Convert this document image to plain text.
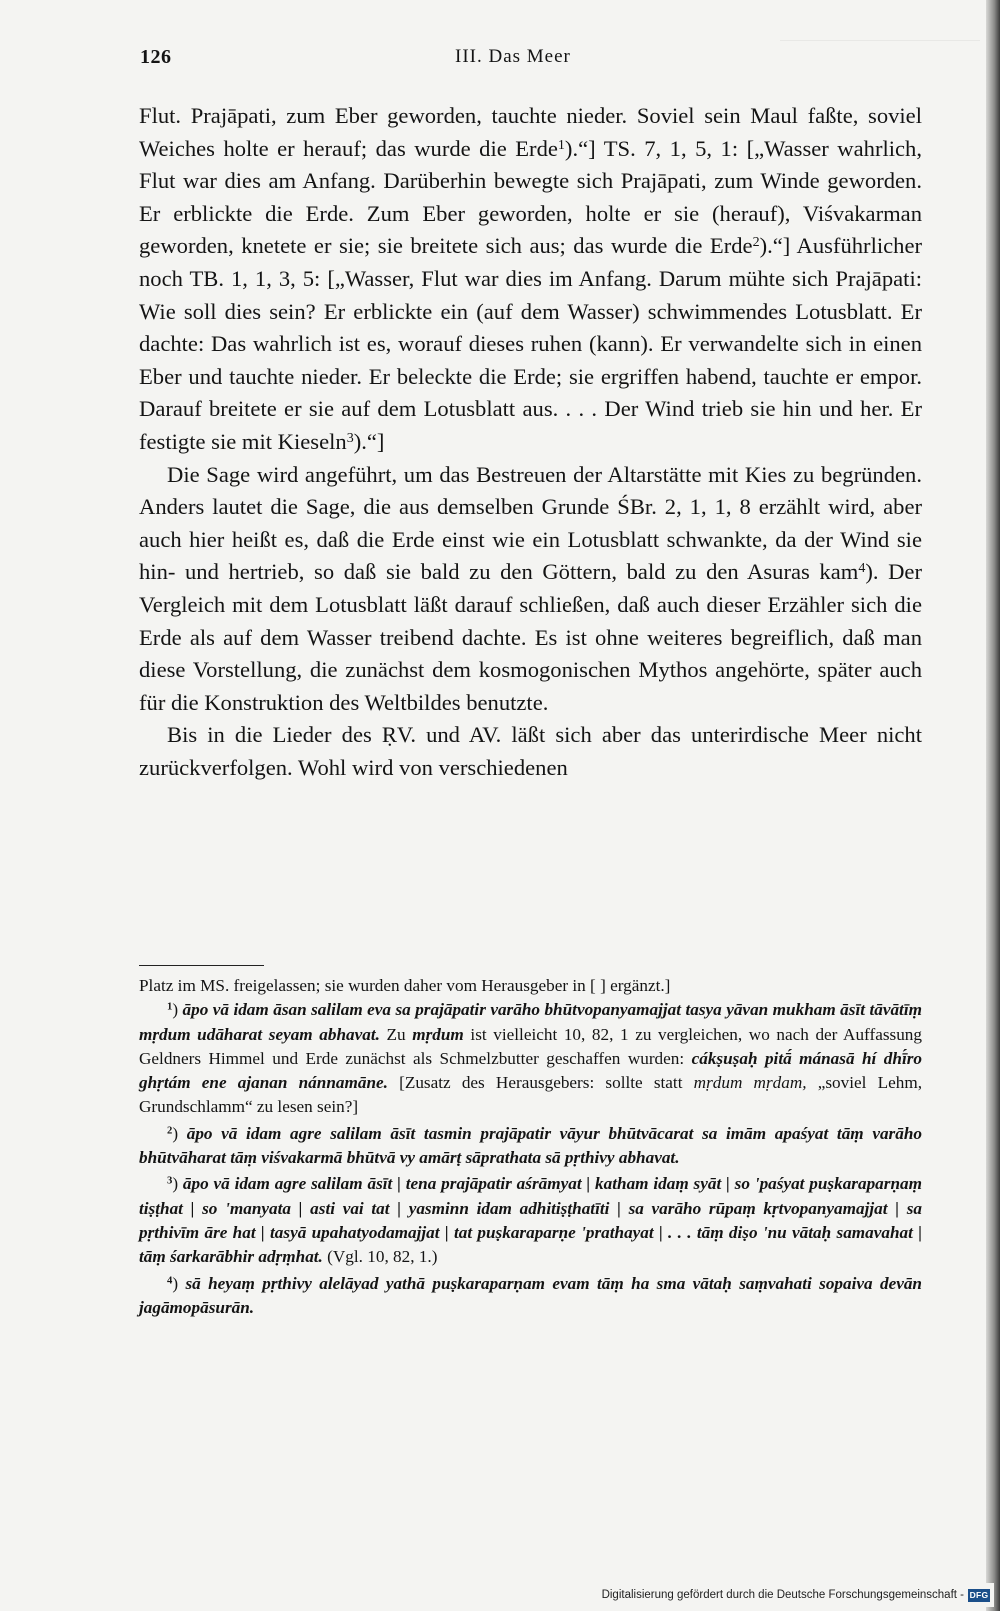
126	III. Das Meer

Flut. Prajāpati, zum Eber geworden, tauchte nieder. Soviel sein Maul faßte, soviel Weiches holte er herauf; das wurde die Erde$^1$).“] TS. 7, 1, 5, 1: [„Wasser wahrlich, Flut war dies am Anfang. Darüberhin bewegte sich Prajāpati, zum Winde geworden. Er erblickte die Erde. Zum Eber geworden, holte er sie (herauf), Viśvakarman geworden, knetete er sie; sie breitete sich aus; das wurde die Erde$^2$).“] Ausführlicher noch TB. 1, 1, 3, 5: [„Wasser, Flut war dies im Anfang. Darum mühte sich Prajāpati: Wie soll dies sein? Er erblickte ein (auf dem Wasser) schwimmendes Lotusblatt. Er dachte: Das wahrlich ist es, worauf dieses ruhen (kann). Er verwandelte sich in einen Eber und tauchte nieder. Er beleckte die Erde; sie ergriffen habend, tauchte er empor. Darauf breitete er sie auf dem Lotusblatt aus. . . . Der Wind trieb sie hin und her. Er festigte sie mit Kieseln$^3$).“]

Die Sage wird angeführt, um das Bestreuen der Altarstätte mit Kies zu begründen. Anders lautet die Sage, die aus demselben Grunde ŚBr. 2, 1, 1, 8 erzählt wird, aber auch hier heißt es, daß die Erde einst wie ein Lotusblatt schwankte, da der Wind sie hin- und hertrieb, so daß sie bald zu den Göttern, bald zu den Asuras kam$^4$). Der Vergleich mit dem Lotusblatt läßt darauf schließen, daß auch dieser Erzähler sich die Erde als auf dem Wasser treibend dachte. Es ist ohne weiteres begreiflich, daß man diese Vorstellung, die zunächst dem kosmogonischen Mythos angehörte, später auch für die Konstruktion des Weltbildes benutzte.

Bis in die Lieder des ṚV. und AV. läßt sich aber das unterirdische Meer nicht zurückverfolgen. Wohl wird von verschiedenen

Platz im MS. freigelassen; sie wurden daher vom Herausgeber in [ ] ergänzt.]

$^1$) āpo vā idam āsan salilam eva sa prajāpatir varāho bhūtvopanyamajjat tasya yāvan mukham āsīt tāvātīṃ mṛdum udāharat seyam abhavat. Zu mṛdum ist vielleicht 10, 82, 1 zu vergleichen, wo nach der Auffassung Geldners Himmel und Erde zunächst als Schmelzbutter geschaffen wurden: cákṣuṣaḥ pitā́ mánasā hí dhī́ro ghṛtám ene ajanan nánnamāne. [Zusatz des Herausgebers: sollte statt mṛdum mṛdam, „soviel Lehm, Grundschlamm“ zu lesen sein?]

$^2$) āpo vā idam agre salilam āsīt tasmin prajāpatir vāyur bhūtvācarat sa imām apaśyat tāṃ varāho bhūtvāharat tāṃ viśvakarmā bhūtvā vy amārṭ sāprathata sā pṛthivy abhavat.

$^3$) āpo vā idam agre salilam āsīt | tena prajāpatir aśrāmyat | katham idaṃ syāt | so 'paśyat puṣkaraparṇaṃ tiṣṭhat | so 'manyata | asti vai tat | yasminn idam adhitiṣṭhatīti | sa varāho rūpaṃ kṛtvopanyamajjat | sa pṛthivīm āre hat | tasyā upahatyodamajjat | tat puṣkaraparṇe 'prathayat | . . . tāṃ diṣo 'nu vātaḥ samavahat | tāṃ śarkarābhir adṛṃhat. (Vgl. 10, 82, 1.)

$^4$) sā heyaṃ pṛthivy alelāyad yathā puṣkaraparṇam evam tāṃ ha sma vātaḥ saṃvahati sopaiva devān jagāmopāsurān.

Digitalisierung gefördert durch die Deutsche Forschungsgemeinschaft - DFG
